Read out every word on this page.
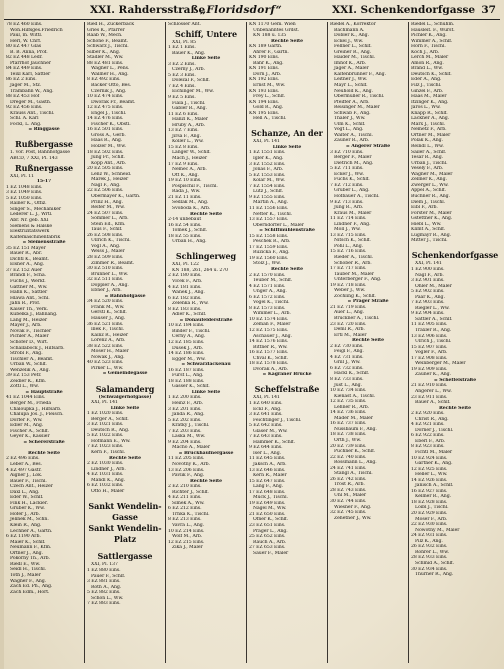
XXI. Rahdersstraße
„Floridsdorf“	XXI. Schenkendorfgasse 37
78 EZ 460 Eins.
Woh.Hilfsges.Friedrich
Paul, m. Wittl.
Herl, W. Chrf.
80 EZ 447 Glas
B. B. Anna, Prof.
82 EZ 448 Ledr.
Pfarrhof Jauchner
84 EZ 449 Eins.
Teixl Karl, Sattler
86 EZ 2 Eins.
Jäger M., Stz.
Trambahn W., Ang.
88 EZ 453 Hof
Dreger M., Gasth.
92 EZ 456 Eins.
Krauss Ant., Tischl.
Schl. A. Karl
Fockl, L. Ang.
= Ringgasse

Rußbergasse
1. vor. Post, Bahnhofgasse
ABCD, 7 XXI, Pl. 143
Rußnergasse
XXI, Pl. 11
15-17
1 EZ 1048 Eins.
3 EZ 1049 Eins.
5 EZ 1050 Eins.
Rainer K., Offiz.
Singer S., Mechaniker
Lederer L. J., Wrtl.
Abr. Nr. geb. XXI
Siemens & Halske
Elektrizitätswerk
Kältemaschinenfabrik
= Siemensstraße
35 EZ 151 Mayer
Bauer R., Abr.
Dichtl K., Beamt.
Elsner A., Ang.
37 EZ 152 Auer
Brandl F., Scha.
Fuchs J., Werkf.
Gattner M., Ww.
Hahn K., Sattler
Hlawa Ant., Schl.
Jahn R., Prof.
Kaiser Th., Verk.
Kubelka J., Bahnang.
Lang M., Heizer
Mayer J., Arb.
Novak F., Tischler
Pichler A., Maler
Schöfer D., Wirt.
Schallaböck J., Hilfsarb.
Strobl F., Ang.
Tischler A., Beamt.
Urban W., Schlf.
Wenzelik A., Ang.
39 EZ 153 Petr.
Zeidler K., Kfm.
Zottl L., Ww.
= Hauptstraße
41 EZ 1044 Eins.
Berger M., Frieda
Chaloupka J., Hilfsarb.
Chalupa Jos. J., Fleisch.
Dorfer F., Ww.
Edler M., Ang.
Fischer A., Schlf.
Geyer K., Kassier
= Schererstraße

Rechte Seite
2 EZ 496 Eins.
Leber A., Bes.
4 EZ 497 Gastr.
Aigner J., Lok.
Bauer F., Tischl.
Czech Ant., Heizer
Daxl L., Ang.
Eder W., Schlf.
Fink H., Lackier.
Gruber K., Ww.
Hofer J., Arb.
Jelinek M., Schn.
Klein R., Ang.
Lechner A., Gärtn.
6 EZ 1190 Arb.
Maier K., Schlf.
Neumann F., Kfm.
Ortner J., Ang.
Pokorny Th., Arb.
Riedl E., Ww.
Seidl H., Tischl.
Toth J., Maler
Wagner F., Ang.
Zach Ed. Ph., Ang.
Zach Edm., Hort.
Ried H., Zuckerbäck
Gries K., Pfarrer
Raab W., Mech.
Schöne F., Beamt.
Schwarz J., Tischl.
Silber K., Ang.
Stadler M., Ww.
88 EZ 481 Eins.
Wagner L., Pens.
Wallner H., Ang.
8 EZ 492 Eins.
Bäcker Otto, Bes.
Czernik J., Ang.
10 EZ 474 Eins.
Dworak Fr., Beamt.
12 EZ 475 Eins.
Engel J., Tischl.
14 EZ 476 Eins.
Fischer K., Obstl.
16 EZ 501 Eins.
Gross A., Gerb.
Haas R., Ang.
Holzer M., Ww.
18 EZ 502 Eins.
Jung Fr., Schlf.
Kopp Ant., Arb.
20 EZ 505 Eins.
Lenz W., Schneid.
Marek J., Heizer
Nagl F., Ang.
22 EZ 506 Eins.
Obermayer K., Gärtn.
Prinz H., Ang.
Reiter M., Ww.
24 EZ 507 Eins.
Sommer L., Arb.
Stein Ed., Kfm.
Taus F., Schlf.
26 EZ 508 Eins.
Ullrich K., Tischl.
Vogl A., Ang.
Weiss J., Maler
28 EZ 509 Eins.
Zimmer R., Beamt.
30 EZ 510 Eins.
Brunner L., Ww.
32 EZ 511 Eins.
Doppler A., Ang.
Ebner J., Arb.
= Bahnhofgasse
34 EZ 520 Eins.
Frank M., Ww.
Gerstl K., Schlf.
Hauser J., Ang.
36 EZ 521 Eins.
Illek F., Tischl.
Kainz R., Heizer
Lorenz A., Arb.
38 EZ 522 Eins.
Moser H., Maler
Nowak J., Ang.
40 EZ 523 Eins.
Pirker L., Ww.
= Gemeindegasse

Salamanderg
(Schwaigerhofgasse)
XXI, Pl. 141
Linke Seite
1 EZ 1020 Eins.
Berger A., Schlf.
3 EZ 1021 Eins.
Deutsch R., Ang.
5 EZ 1022 Eins.
Hofmann E., Ww.
7 EZ 1023 Eins.
Kern F., Tischl.
Rechte Seite
2 EZ 1030 Eins.
Lindner J., Arb.
4 EZ 1031 Eins.
Mandl K., Ang.
6 EZ 1032 Eins.
Otto H., Maler

Sankt Wendelin-
Gasse
Sankt Wendelin-
Platz

Sattlergasse
XXI, Pl. 137
1 EZ 880 Eins.
Pauer F., Schlf.
3 EZ 881 Eins.
Roth A., Ang.
5 EZ 882 Eins.
Schön L., Ww.
7 EZ 883 Eins.
Schlosser Ant.
Schiff, Untere
XXI, Pl. 85
1 EZ 1 Eins.
Bauer K., Ang.
Linke Seite
3 EZ 2 Eins.
Czerny J., Arb.
5 EZ 3 Eins.
Dolezal F., Schlf.
7 EZ 4 Eins.
Eichinger M., Ww.
9 EZ 5 Eins.
Fiala J., Tischl.
Gabler R., Ang.
11 EZ 6 Eins.
Hanzl K., Maler
Hruby A., Arb.
13 EZ 7 Eins.
Jirsa F., Ang.
Koller L., Ww.
15 EZ 8 Eins.
Langer W., Schlf.
Mach J., Heizer
17 EZ 9 Eins.
Nemec A., Arb.
Ott K., Ang.
19 EZ 10 Eins.
Pospischil F., Tischl.
Rada J., Ww.
21 EZ 11 Eins.
Sedlak M., Ang.
Svoboda K., Arb.
Rechte Seite
2-14 unbebaut
16 EZ 54 Eins.
Tomek J., Schlf.
18 EZ 55 Eins.
Urban H., Ang.

Schlingerweg
XXI, Pl. 122
KN 188, 261, 264 u. 270
2 EZ 180 Eins.
Vlcek F., Arb.
4 EZ 181 Eins.
Wanek J., Ang.
6 EZ 182 Eins.
Zelenka R., Ww.
8 EZ 183 Eins.
Adler K., Schlf.
= Donaufelderstraße
10 EZ 184 Eins.
Binder F., Tischl.
Cerny A., Ang.
12 EZ 185 Eins.
Dusek J., Arb.
14 EZ 186 Eins.
Egger M., Ww.
= Schwarzlackenau
16 EZ 187 Eins.
Fürst L., Ang.
18 EZ 188 Eins.
Gasser K., Schlf.
Linke Seite
1 EZ 200 Eins.
Heinz F., Arb.
3 EZ 201 Eins.
Janda R., Ang.
5 EZ 202 Eins.
Kratky J., Tischl.
7 EZ 203 Eins.
Laska M., Ww.
9 EZ 204 Eins.
Macho A., Maler
= Bruckhaufnergasse
11 EZ 205 Eins.
Novotny K., Arb.
13 EZ 206 Eins.
Pavlik F., Ang.
Rechte Seite
2 EZ 210 Eins.
Richter J., Schlf.
4 EZ 211 Eins.
Simek A., Ww.
6 EZ 212 Eins.
Trnka K., Tischl.
8 EZ 213 Eins.
Vavra L., Ang.
10 EZ 214 Eins.
Wolf M., Arb.
12 EZ 215 Eins.
Zika J., Maler
KN 1170 Gem. Wien
Unbenanntes Grdst.
KN 188 u. 135
Rechte Seite
KN 189 Gärtn.
Ahrer F., Gärtn.
KN 190 Eins.
Bahr K., Ang.
KN 191 Eins.
Dorn J., Arb.
KN 192 Eins.
Ernst M., Ww.
KN 193 Eins.
Frey L., Schlf.
KN 194 Eins.
Gold R., Ang.
KN 195 Eins.
Hell A., Tischl.

Schanze, An der
XXI, Pl. 141
Linke Seite
1 EZ 1551 Eins.
Igler K., Ang.
3 EZ 1552 Eins.
Jonas F., Arb.
5 EZ 1553 Eins.
Kolar M., Ww.
7 EZ 1554 Eins.
Lutz J., Schlf.
9 EZ 1555 Eins.
Martin A., Ang.
11 EZ 1556 Eins.
Netter K., Tischl.
13 EZ 1557 Eins.
Oberndorfer L., Maler
= Schiffmühlenstraße
15 EZ 1558 Eins.
Peschek R., Arb.
17 EZ 1559 Eins.
Ruzicka F., Ang.
19 EZ 1560 Eins.
Stolz J., Ww.
Rechte Seite
2 EZ 1570 Eins.
Teuber M., Schlf.
4 EZ 1571 Eins.
Unger A., Ang.
6 EZ 1572 Eins.
Vogel K., Tischl.
8 EZ 1573 Eins.
Wimmer L., Arb.
10 EZ 1574 Eins.
Zeman F., Maler
12 EZ 1575 Eins.
Aschauer J., Ang.
14 EZ 1576 Eins.
Bittner R., Ww.
16 EZ 1577 Eins.
Chval K., Schlf.
18 EZ 1578 Eins.
Dvorak A., Arb.
= Kagraner Brücke

Scheffelstraße
XXI, Pl. 141
1 EZ 640 Eins.
Eckl F., Ang.
3 EZ 641 Eins.
Feichtinger J., Tischl.
5 EZ 642 Eins.
Glaser M., Ww.
7 EZ 643 Eins.
Hammer K., Schlf.
9 EZ 644 Eins.
Iser L., Ang.
11 EZ 645 Eins.
Jaksch A., Arb.
13 EZ 646 Eins.
Kern R., Maler
15 EZ 647 Eins.
Lang F., Ang.
17 EZ 648 Eins.
Mück J., Tischl.
19 EZ 649 Eins.
Nagel M., Ww.
21 EZ 650 Eins.
Ofner K., Schlf.
23 EZ 651 Eins.
Prager L., Ang.
25 EZ 652 Eins.
Rauch A., Arb.
27 EZ 653 Eins.
Sauer F., Maler
Riedel A., Korrektor
Bachmann A.
Döbler K., Ang.
Eckel J., Ww.
Fellner L., Schlf.
Greiner R., Ang.
Haider M., Tischl.
Imhof K., Arb.
Jäger A., Maler
Kaltenbrunner F., Ang.
Leitner J., Ww.
Mayr L., Schlf.
Neuhold K., Ang.
Obermüller R., Tischl.
Pfeiffer A., Arb.
Reisinger M., Maler
Schwab F., Ang.
Thaler J., Ww.
Ulm K., Schlf.
Vogt L., Ang.
Walter A., Tischl.
Zauner R., Arb.
= Angerer Straße
3 EZ 710 Eins.
Berger F., Maler
Dietrich M., Ang.
5 EZ 711 Eins.
Ecker J., Ww.
Fuchs K., Schlf.
7 EZ 712 Eins.
Gruber L., Ang.
Hofbauer A., Tischl.
9 EZ 713 Eins.
Jung R., Arb.
Kraus M., Maler
11 EZ 714 Eins.
Lindner F., Ang.
Moll J., Ww.
13 EZ 715 Eins.
Nitsch K., Schlf.
Pohl L., Ang.
15 EZ 716 Eins.
Rieder A., Tischl.
Schober R., Arb.
17 EZ 717 Eins.
Tauber M., Maler
Unterberger F., Ang.
19 EZ 718 Eins.
Weber J., Ww.
Zöchling K., Schlf.
= Prager Straße
21 EZ 719 Eins.
Auer L., Ang.
Bruckner A., Tischl.
23 EZ 720 Eins.
Deml R., Arb.
Ertl M., Maler
Rechte Seite
2 EZ 730 Eins.
Feigl F., Ang.
4 EZ 731 Eins.
Grill J., Ww.
6 EZ 732 Eins.
Hackl K., Schlf.
8 EZ 733 Eins.
Just L., Ang.
10 EZ 734 Eins.
Kienast A., Tischl.
12 EZ 735 Eins.
Lehner R., Arb.
14 EZ 736 Eins.
Mader M., Maler
16 EZ 737 Eins.
Nussbaum F., Ang.
18 EZ 738 Eins.
Orth J., Ww.
20 EZ 739 Eins.
Puchner K., Schlf.
22 EZ 740 Eins.
Rossmann L., Ang.
24 EZ 741 Eins.
Stangl A., Tischl.
26 EZ 742 Eins.
Trost R., Arb.
28 EZ 743 Eins.
Uhl M., Maler
30 EZ 744 Eins.
Wiesner F., Ang.
32 EZ 745 Eins.
Zehetner J., Ww.
Riedel L., Schuhm.
Hausleit. F., Wurst.
Pichler K., Ang.
Wimmer A., Schlf.
Horn F., Tischl.
Koch J., Arb.
Lerch M., Maler
Amon R., Ang.
Brand L., Ww.
Deutsch K., Schlf.
Eder A., Ang.
Filz J., Tischl.
Ginzel F., Arb.
Haas M., Maler
Itzinger K., Ang.
Jaros L., Ww.
Knapp R., Schlf.
Lackner A., Ang.
Marx J., Tischl.
Nemetz F., Arb.
Ortner M., Maler
Polak K., Ang.
Reindl L., Ww.
Sailer A., Schlf.
Tesar R., Ang.
Urban J., Tischl.
Vesely F., Arb.
Wagner M., Maler
Zellner K., Ang.
Zwerger L., Ww.
Appel A., Schlf.
Buchner R., Ang.
Diem J., Tischl.
Eibl F., Arb.
Forster M., Maler
Gstettner K., Ang.
Hiebl L., Ww.
Klimt A., Schlf.
Lugmayr R., Ang.
Mitter J., Tischl.

Schenkendorfgasse
XXI, Pl. 141
1 EZ 900 Eins.
Nagl F., Arb.
3 EZ 901 Eins.
Öhler M., Maler
5 EZ 902 Eins.
Paar K., Ang.
7 EZ 903 Eins.
Riegler L., Ww.
9 EZ 904 Eins.
Sattler A., Schlf.
11 EZ 905 Eins.
Traxler R., Ang.
13 EZ 906 Eins.
Ulrich J., Tischl.
15 EZ 907 Eins.
Vogler F., Arb.
17 EZ 908 Eins.
Weinberger M., Maler
19 EZ 909 Eins.
Zauner K., Ang.
= Scheffelstraße
21 EZ 910 Eins.
Angerer L., Ww.
23 EZ 911 Eins.
Bauer A., Schlf.
Rechte Seite
2 EZ 920 Eins.
Christ R., Ang.
4 EZ 921 Eins.
Dorner J., Tischl.
6 EZ 922 Eins.
Eberl F., Arb.
8 EZ 923 Eins.
Fichtl M., Maler
10 EZ 924 Eins.
Gartner K., Ang.
12 EZ 925 Eins.
Heller L., Ww.
14 EZ 926 Eins.
Janisch A., Schlf.
16 EZ 927 Eins.
Kellner R., Ang.
18 EZ 928 Eins.
Loibl J., Tischl.
20 EZ 929 Eins.
Moser F., Arb.
22 EZ 930 Eins.
Nowotny M., Maler
24 EZ 931 Eins.
Pilz K., Ang.
26 EZ 932 Eins.
Rohrer L., Ww.
28 EZ 933 Eins.
Schmid A., Schlf.
30 EZ 934 Eins.
Thurner R., Ang.
